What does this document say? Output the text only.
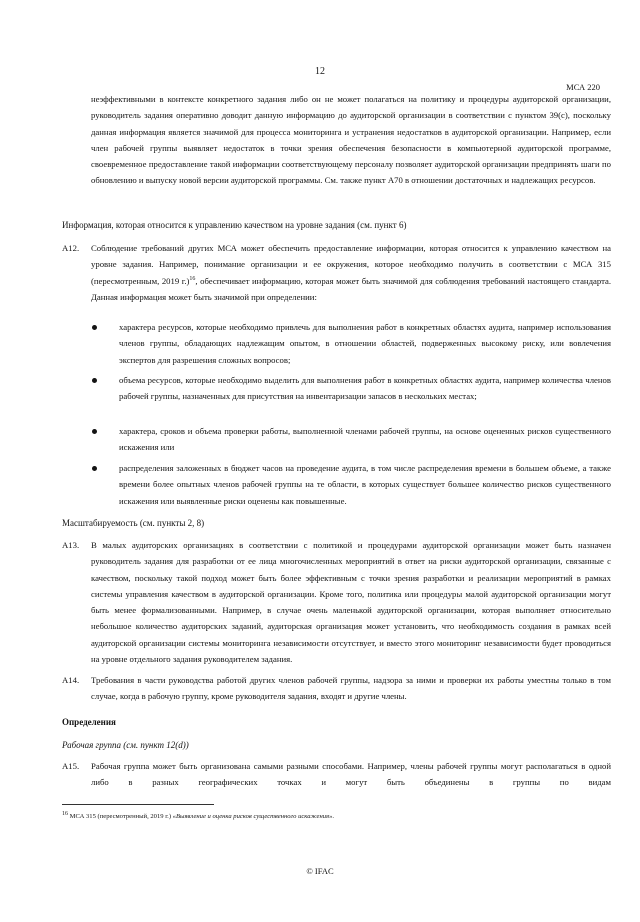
12
МСА 220
неэффективными в контексте конкретного задания либо он не может полагаться на политику и процедуры аудиторской организации, руководитель задания оперативно доводит данную информацию до аудиторской организации в соответствии с пунктом 39(с), поскольку данная информация является значимой для процесса мониторинга и устранения недостатков в аудиторской организации. Например, если член рабочей группы выявляет недостаток в точки зрения обеспечения безопасности в компьютерной аудиторской программе, своевременное предоставление такой информации соответствующему персоналу позволяет аудиторской организации предпринять шаги по обновлению и выпуску новой версии аудиторской программы. См. также пункт A70 в отношении достаточных и надлежащих ресурсов.
Информация, которая относится к управлению качеством на уровне задания (см. пункт 6)
A12. Соблюдение требований других МСА может обеспечить предоставление информации, которая относится к управлению качеством на уровне задания. Например, понимание организации и ее окружения, которое необходимо получить в соответствии с МСА 315 (пересмотренным, 2019 г.)$^{16}$, обеспечивает информацию, которая может быть значимой для соблюдения требований настоящего стандарта. Данная информация может быть значимой при определении:
характера ресурсов, которые необходимо привлечь для выполнения работ в конкретных областях аудита, например использования членов группы, обладающих надлежащим опытом, в отношении областей, подверженных высокому риску, или вовлечения экспертов для разрешения сложных вопросов;
объема ресурсов, которые необходимо выделить для выполнения работ в конкретных областях аудита, например количества членов рабочей группы, назначенных для присутствия на инвентаризации запасов в нескольких местах;
характера, сроков и объема проверки работы, выполненной членами рабочей группы, на основе оцененных рисков существенного искажения или
распределения заложенных в бюджет часов на проведение аудита, в том числе распределения времени в большем объеме, а также времени более опытных членов рабочей группы на те области, в которых существует большее количество рисков существенного искажения или выявленные риски оценены как повышенные.
Масштабируемость (см. пункты 2, 8)
A13. В малых аудиторских организациях в соответствии с политикой и процедурами аудиторской организации может быть назначен руководитель задания для разработки от ее лица многочисленных мероприятий в ответ на риски аудиторской организации, связанные с качеством, поскольку такой подход может быть более эффективным с точки зрения разработки и реализации мероприятий в рамках системы управления качеством в аудиторской организации. Кроме того, политика или процедуры малой аудиторской организации могут быть менее формализованными. Например, в случае очень маленькой аудиторской организации, которая выполняет относительно небольшое количество аудиторских заданий, аудиторская организация может установить, что необходимость создания в рамках всей аудиторской организации системы мониторинга независимости отсутствует, и вместо этого мониторинг независимости будет проводиться на уровне отдельного задания руководителем задания.
A14. Требования в части руководства работой других членов рабочей группы, надзора за ними и проверки их работы уместны только в том случае, когда в рабочую группу, кроме руководителя задания, входят и другие члены.
Определения
Рабочая группа (см. пункт 12(d))
A15. Рабочая группа может быть организована самыми разными способами. Например, члены рабочей группы могут располагаться в одной либо в разных географических точках и могут быть объединены в группы по видам
$^{16}$ МСА 315 (пересмотренный, 2019 г.) «Выявление и оценка рисков существенного искажения».
© IFAC
